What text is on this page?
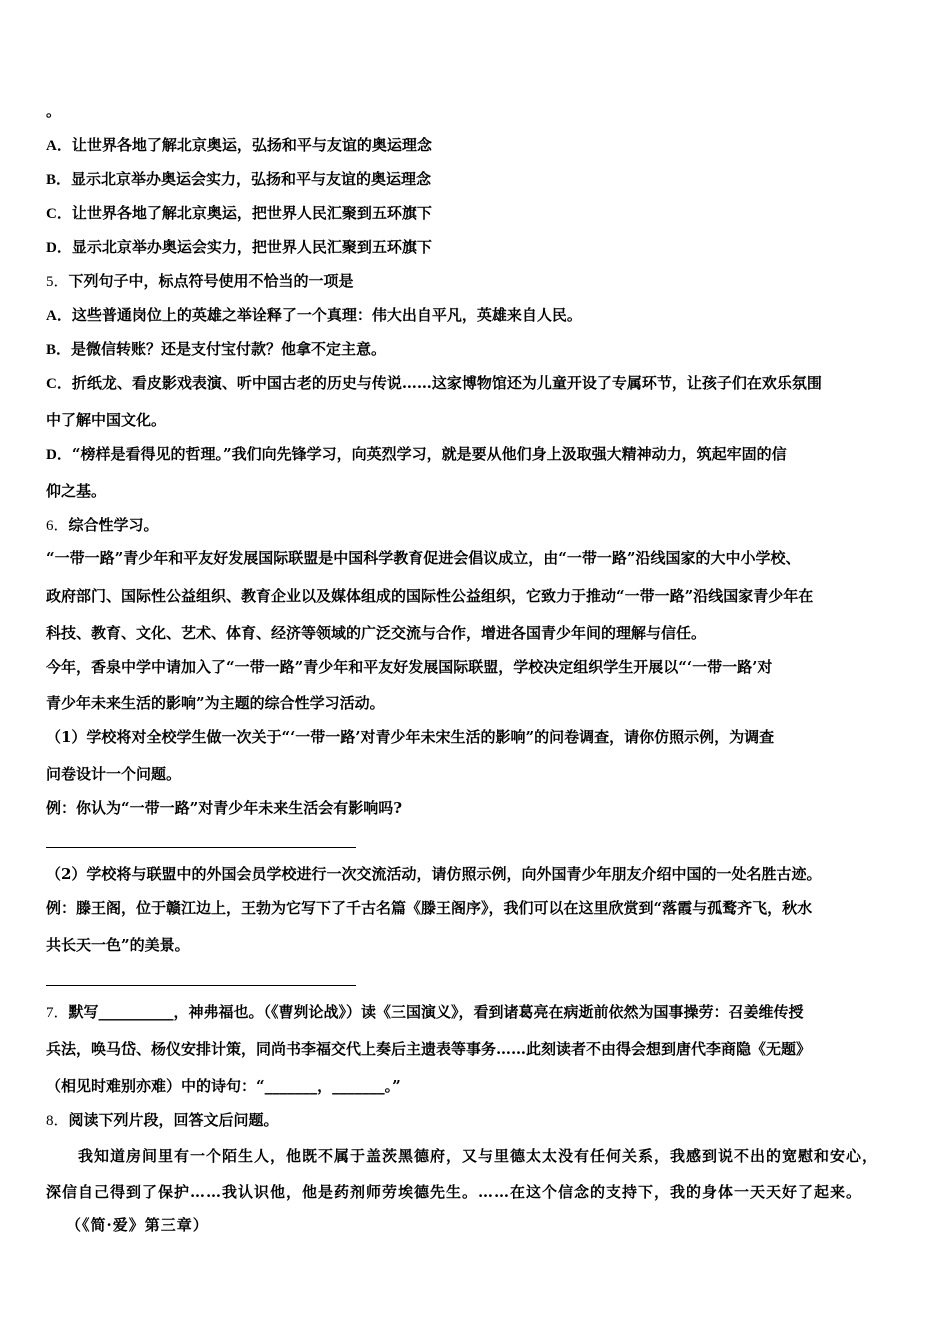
。
A．让世界各地了解北京奥运，弘扬和平与友谊的奥运理念
B．显示北京举办奥运会实力，弘扬和平与友谊的奥运理念
C．让世界各地了解北京奥运，把世界人民汇聚到五环旗下
D．显示北京举办奥运会实力，把世界人民汇聚到五环旗下
5．下列句子中，标点符号使用不恰当的一项是
A．这些普通岗位上的英雄之举诠释了一个真理：伟大出自平凡，英雄来自人民。
B．是微信转账？还是支付宝付款？他拿不定主意。
C．折纸龙、看皮影戏表演、听中国古老的历史与传说……这家博物馆还为儿童开设了专属环节，让孩子们在欢乐氛围
中了解中国文化。
D．“榜样是看得见的哲理。”我们向先锋学习，向英烈学习，就是要从他们身上汲取强大精神动力，筑起牢固的信
仰之基。
6．综合性学习。
“一带一路”青少年和平友好发展国际联盟是中国科学教育促进会倡议成立，由“一带一路”沿线国家的大中小学校、
政府部门、国际性公益组织、教育企业以及媒体组成的国际性公益组织，它致力于推动“一带一路”沿线国家青少年在
科技、教育、文化、艺术、体育、经济等领域的广泛交流与合作，增进各国青少年间的理解与信任。
今年，香泉中学中请加入了“一带一路”青少年和平友好发展国际联盟，学校决定组织学生开展以“‘一带一路’对
青少年未来生活的影响”为主题的综合性学习活动。
（1）学校将对全校学生做一次关于“‘一带一路’对青少年未宋生活的影响”的问卷调查，请你仿照示例，为调查
问卷设计一个问题。
例：你认为“一带一路”对青少年未来生活会有影响吗?
（2）学校将与联盟中的外国会员学校进行一次交流活动，请仿照示例，向外国青少年朋友介绍中国的一处名胜古迹。
例：滕王阁，位于赣江边上，王勃为它写下了千古名篇《滕王阁序》，我们可以在这里欣赏到“落霞与孤鹜齐飞，秋水
共长天一色”的美景。
7．默写__________，神弗福也。（《曹刿论战》）读《三国演义》，看到诸葛亮在病逝前依然为国事操劳：召姜维传授
兵法，唤马岱、杨仪安排计策，同尚书李福交代上奏后主遗表等事务……此刻读者不由得会想到唐代李商隐《无题》
（相见时难别亦难）中的诗句：“_______，_______。”
8．阅读下列片段，回答文后问题。
我知道房间里有一个陌生人，他既不属于盖茨黑德府，又与里德太太没有任何关系，我感到说不出的宽慰和安心，
深信自己得到了保护……我认识他，他是药剂师劳埃德先生。……在这个信念的支持下，我的身体一天天好了起来。
（《简·爱》第三章）
